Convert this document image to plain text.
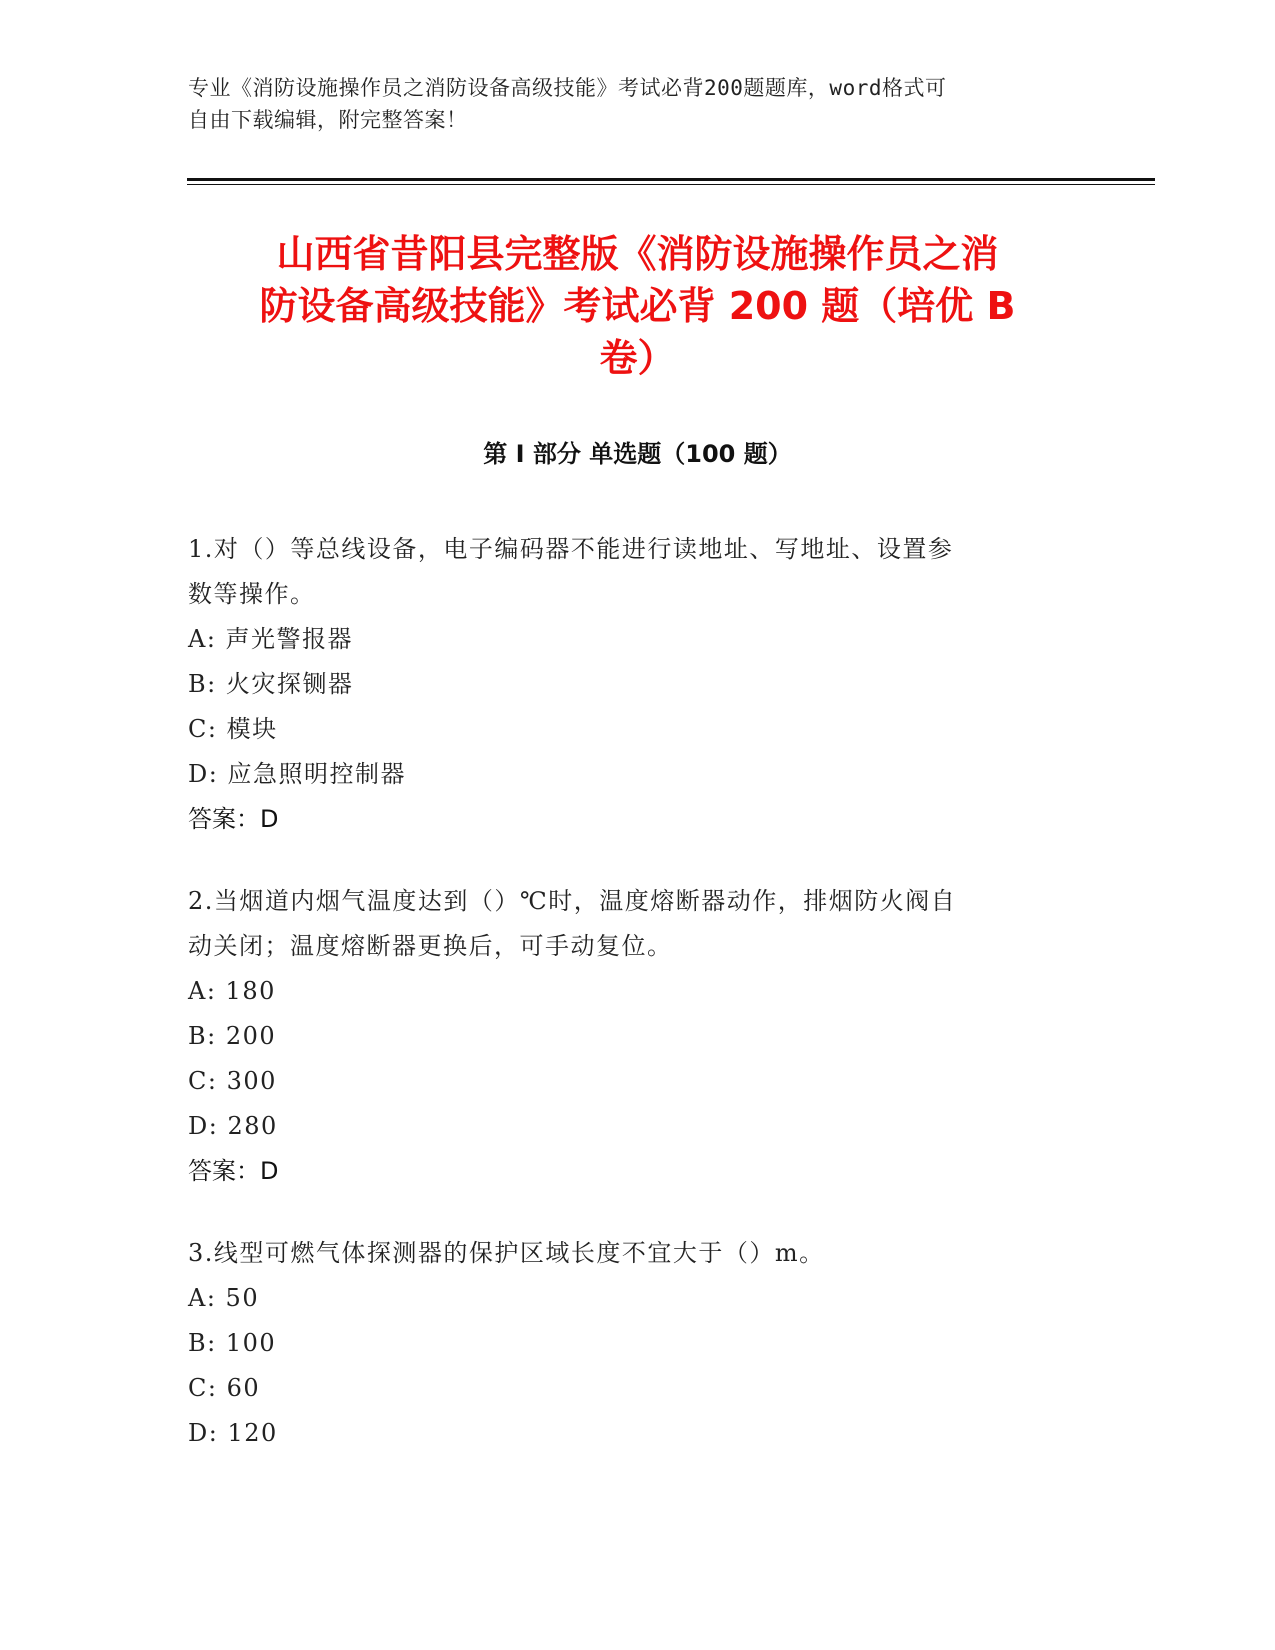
专业《消防设施操作员之消防设备高级技能》考试必背200题题库，word格式可
自由下载编辑，附完整答案！
山西省昔阳县完整版《消防设施操作员之消
防设备高级技能》考试必背 200 题（培优 B
卷）
第 I 部分 单选题（100 题）
1.对（）等总线设备，电子编码器不能进行读地址、写地址、设置参
数等操作。
A: 声光警报器
B: 火灾探铡器
C: 模块
D: 应急照明控制器
答案：D
2.当烟道内烟气温度达到（）℃时，温度熔断器动作，排烟防火阀自
动关闭；温度熔断器更换后，可手动复位。
A: 180
B: 200
C: 300
D: 280
答案：D
3.线型可燃气体探测器的保护区域长度不宜大于（）m。
A: 50
B: 100
C: 60
D: 120
